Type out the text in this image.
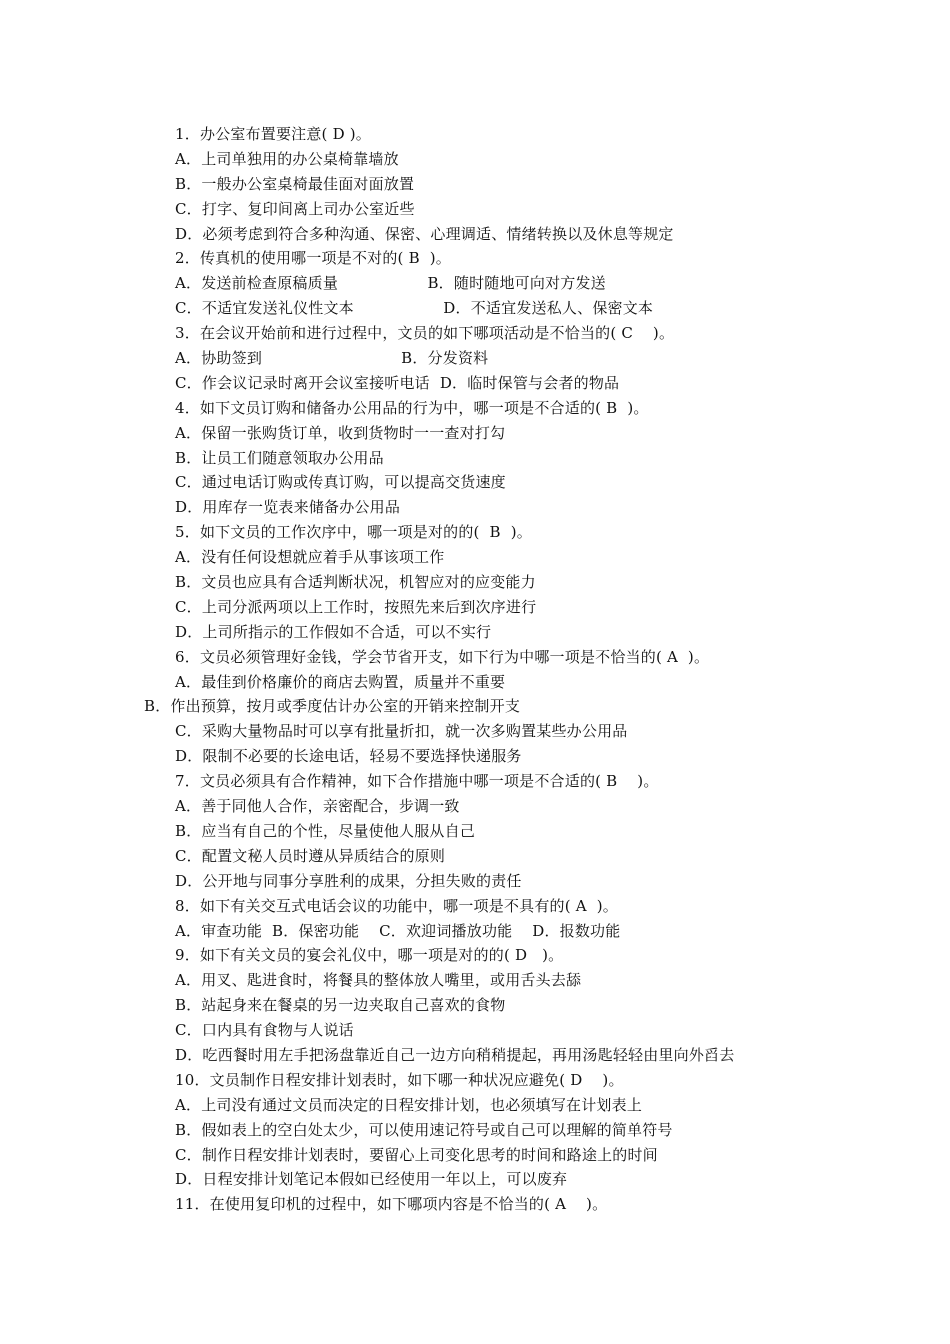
1．办公室布置要注意( D )。
A．上司单独用的办公桌椅靠墙放
B．一般办公室桌椅最佳面对面放置
C．打字、复印间离上司办公室近些
D．必须考虑到符合多种沟通、保密、心理调适、情绪转换以及休息等规定
2．传真机的使用哪一项是不对的( B  )。
A．发送前检查原稿质量                  B．随时随地可向对方发送
C．不适宜发送礼仪性文本                  D．不适宜发送私人、保密文本
3．在会议开始前和进行过程中，文员的如下哪项活动是不恰当的( C    )。
A．协助签到                            B．分发资料
C．作会议记录时离开会议室接听电话  D．临时保管与会者的物品
4．如下文员订购和储备办公用品的行为中，哪一项是不合适的( B  )。
A．保留一张购货订单，收到货物时一一查对打勾
B．让员工们随意领取办公用品
C．通过电话订购或传真订购，可以提高交货速度
D．用库存一览表来储备办公用品
5．如下文员的工作次序中，哪一项是对的的(  B  )。
A．没有任何设想就应着手从事该项工作
B．文员也应具有合适判断状况，机智应对的应变能力
C．上司分派两项以上工作时，按照先来后到次序进行
D．上司所指示的工作假如不合适，可以不实行
6．文员必须管理好金钱，学会节省开支，如下行为中哪一项是不恰当的( A  )。
A．最佳到价格廉价的商店去购置，质量并不重要
B．作出预算，按月或季度估计办公室的开销来控制开支
C．采购大量物品时可以享有批量折扣，就一次多购置某些办公用品
D．限制不必要的长途电话，轻易不要选择快递服务
7．文员必须具有合作精神，如下合作措施中哪一项是不合适的( B    )。
A．善于同他人合作，亲密配合，步调一致
B．应当有自己的个性，尽量使他人服从自己
C．配置文秘人员时遵从异质结合的原则
D．公开地与同事分享胜利的成果，分担失败的责任
8．如下有关交互式电话会议的功能中，哪一项是不具有的( A  )。
A．审查功能  B．保密功能    C．欢迎词播放功能    D．报数功能
9．如下有关文员的宴会礼仪中，哪一项是对的的( D   )。
A．用叉、匙进食时，将餐具的整体放人嘴里，或用舌头去舔
B．站起身来在餐桌的另一边夹取自己喜欢的食物
C．口内具有食物与人说话
D．吃西餐时用左手把汤盘靠近自己一边方向稍稍提起，再用汤匙轻轻由里向外舀去
10．文员制作日程安排计划表时，如下哪一种状况应避免( D    )。
A．上司没有通过文员而决定的日程安排计划，也必须填写在计划表上
B．假如表上的空白处太少，可以使用速记符号或自己可以理解的简单符号
C．制作日程安排计划表时，要留心上司变化思考的时间和路途上的时间
D．日程安排计划笔记本假如已经使用一年以上，可以废弃
11．在使用复印机的过程中，如下哪项内容是不恰当的( A    )。
